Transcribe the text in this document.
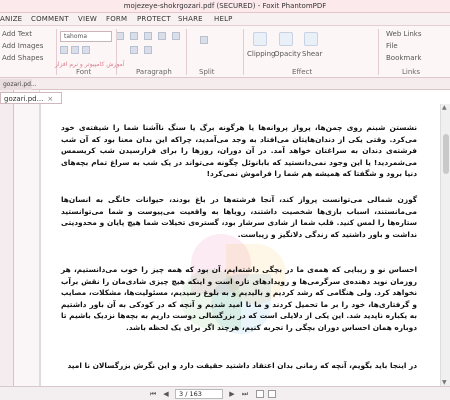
mojezeye-shokrgozari.pdf (SECURED) - Foxit PhantomPDF
ANIZE COMMENT VIEW FORM PROTECT SHARE HELP
Add Text
Add Images
Add Shapes
tahoma
Font	Paragraph	Split
Clipping
Opacity Shear
Effect
Web Links
File
Bookmark
Links
آموزش کامپیوتر و نرم افزار
gozari.pd...
gozari.pd... ×
نشستن شبنم روی چمن‌ها، پرواز پروانه‌ها یا هرگونه برگ یا سنگ ناآشنا شما را شیفته‌ی خود می‌کرد. وقتی یکی از دندان‌هایتان می‌افتاد به وجد می‌آمدید، چراکه این بدان معنا بود که آن شب فرشته‌ی دندان به سراغتان خواهد آمد. در آن دوران، روزها را برای فرارسیدن شب کریسمس می‌شمردید! یا این وجود نمی‌دانستید که بابانوئل چگونه می‌تواند در یک شب به سراغ تمام بچه‌های دنیا برود و شگفتا که همیشه هم شما را فراموش نمی‌کرد!
گوزن شمالی می‌توانست پرواز کند، آنجا فرشته‌ها در باغ بودند، حیوانات خانگی به انسان‌ها می‌مانستند، اسباب بازی‌ها شخصیت داشتند، رویاها به واقعیت می‌پیوست و شما می‌توانستید ستاره‌ها را لمس کنید. قلب شما از شادی سرشار بود، گستره‌ی تخیلات شما هیچ پایان و محدودیتی نداشت و باور داشتید که زندگی دلانگیز و زیباست.
احساس نو و زیبایی که همه‌ی ما در بچگی داشته‌ایم، آن بود که همه چیز را خوب می‌دانستیم، هر روزمان نوید دهنده‌ی سرگرمی‌ها و رویدادهای تازه است و اینکه هیچ چیزی شادی‌مان را نقش برآب نخواهد کرد. ولی هنگامی که رشد کردیم و بالیدیم و به بلوغ رسیدیم، مسئولیت‌ها، مشکلات، مصایب و گرفتاری‌ها، خود را بر ما تحمیل کردند و ما نا امید شدیم و آنچه که در کودکی به آن باور داشتیم به یکباره ناپدید شد. این یکی از دلایلی است که در بزرگسالی دوست داریم به بچه‌ها نزدیک باشیم تا دوباره همان احساس دوران بچگی را تجربه کنیم، هرچند اگر برای یک لحظه باشد.
در اینجا باید بگویم، آنچه که زمانی بدان اعتقاد داشتید حقیقت دارد و این نگرش بزرگسالان نا امید
▲
▼
⏮	◀	3 / 163	▶	⏭
